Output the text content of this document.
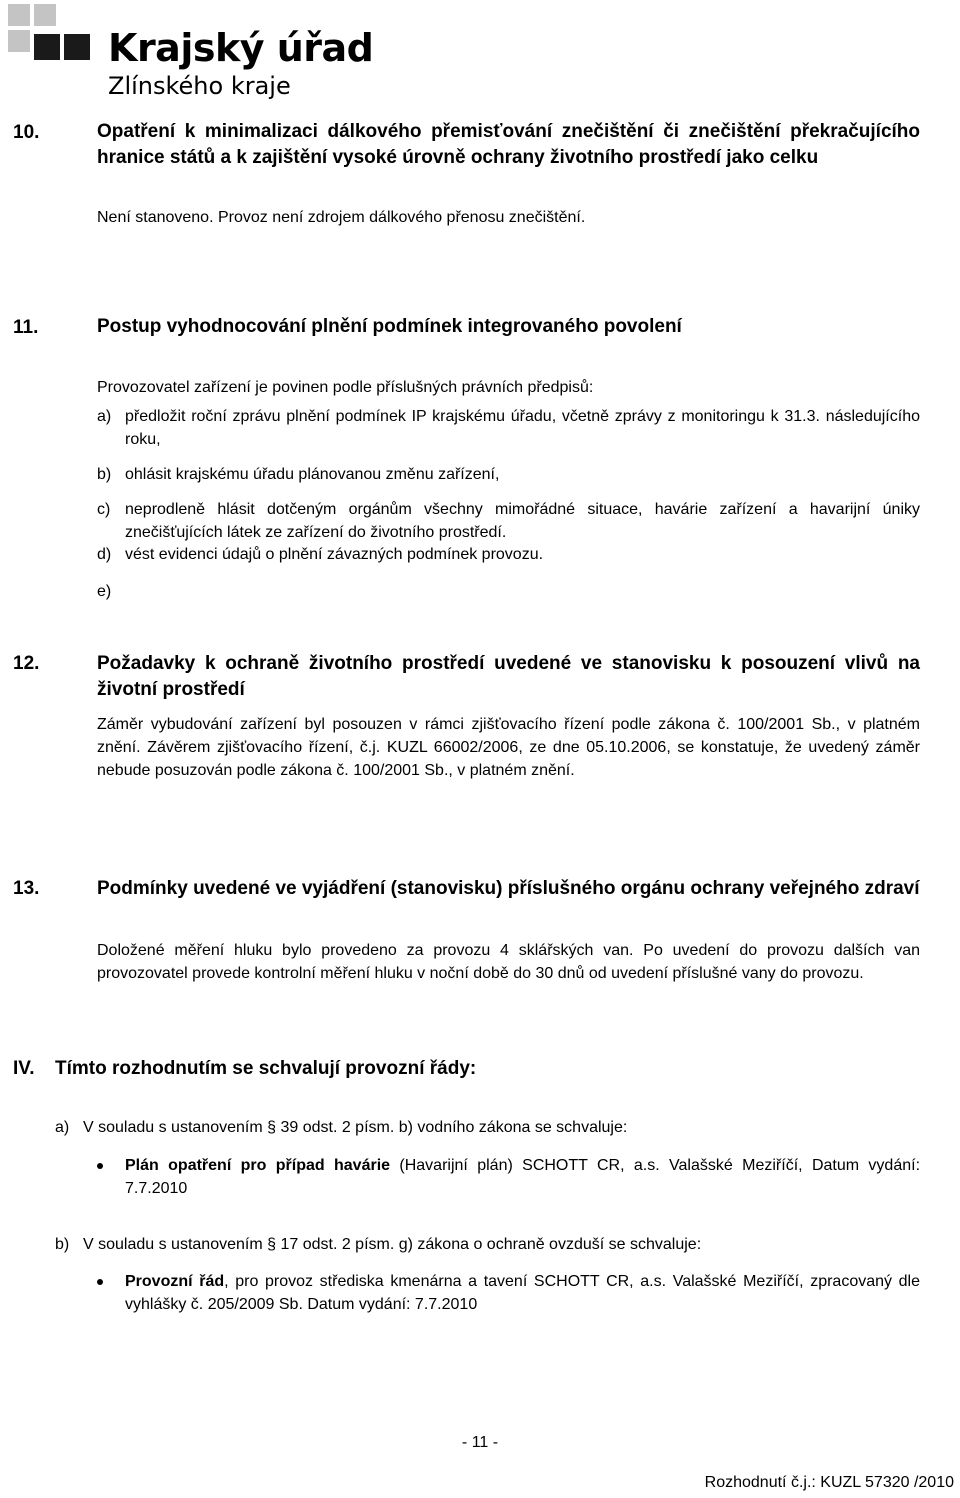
Krajský úřad
Zlínského kraje
10.	Opatření k minimalizaci dálkového přemisťování znečištění či znečištění překračujícího hranice států a k zajištění vysoké úrovně ochrany životního prostředí jako celku
Není stanoveno. Provoz není zdrojem dálkového přenosu znečištění.
11.	Postup vyhodnocování plnění podmínek integrovaného povolení
Provozovatel zařízení je povinen podle příslušných právních předpisů:
a) předložit roční zprávu plnění podmínek IP krajskému úřadu, včetně zprávy z monitoringu k 31.3. následujícího roku,
b) ohlásit krajskému úřadu plánovanou změnu zařízení,
c) neprodleně hlásit dotčeným orgánům všechny mimořádné situace, havárie zařízení a havarijní úniky znečišťujících látek ze zařízení do životního prostředí.
d) vést evidenci údajů o plnění závazných podmínek provozu.
e)
12.	Požadavky k ochraně životního prostředí uvedené ve stanovisku k posouzení vlivů na životní prostředí
Záměr vybudování zařízení byl posouzen v rámci zjišťovacího řízení podle zákona č. 100/2001 Sb., v platném znění. Závěrem zjišťovacího řízení, č.j. KUZL 66002/2006, ze dne 05.10.2006, se konstatuje, že uvedený záměr nebude posuzován podle zákona č. 100/2001 Sb., v platném znění.
13.	Podmínky uvedené ve vyjádření (stanovisku) příslušného orgánu ochrany veřejného zdraví
Doložené měření hluku bylo provedeno za provozu 4 sklářských van. Po uvedení do provozu dalších van provozovatel provede kontrolní měření hluku v noční době do 30 dnů od uvedení příslušné vany do provozu.
IV. Tímto rozhodnutím se schvalují provozní řády:
a) V souladu s ustanovením § 39 odst. 2 písm. b) vodního zákona se schvaluje:
Plán opatření pro případ havárie (Havarijní plán) SCHOTT CR, a.s. Valašské Meziříčí, Datum vydání: 7.7.2010
b) V souladu s ustanovením § 17 odst. 2 písm. g) zákona o ochraně ovzduší se schvaluje:
Provozní řád, pro provoz střediska kmenárna a tavení SCHOTT CR, a.s. Valašské Meziříčí, zpracovaný dle vyhlášky č. 205/2009 Sb. Datum vydání: 7.7.2010
- 11 -
Rozhodnutí č.j.: KUZL 57320 /2010
